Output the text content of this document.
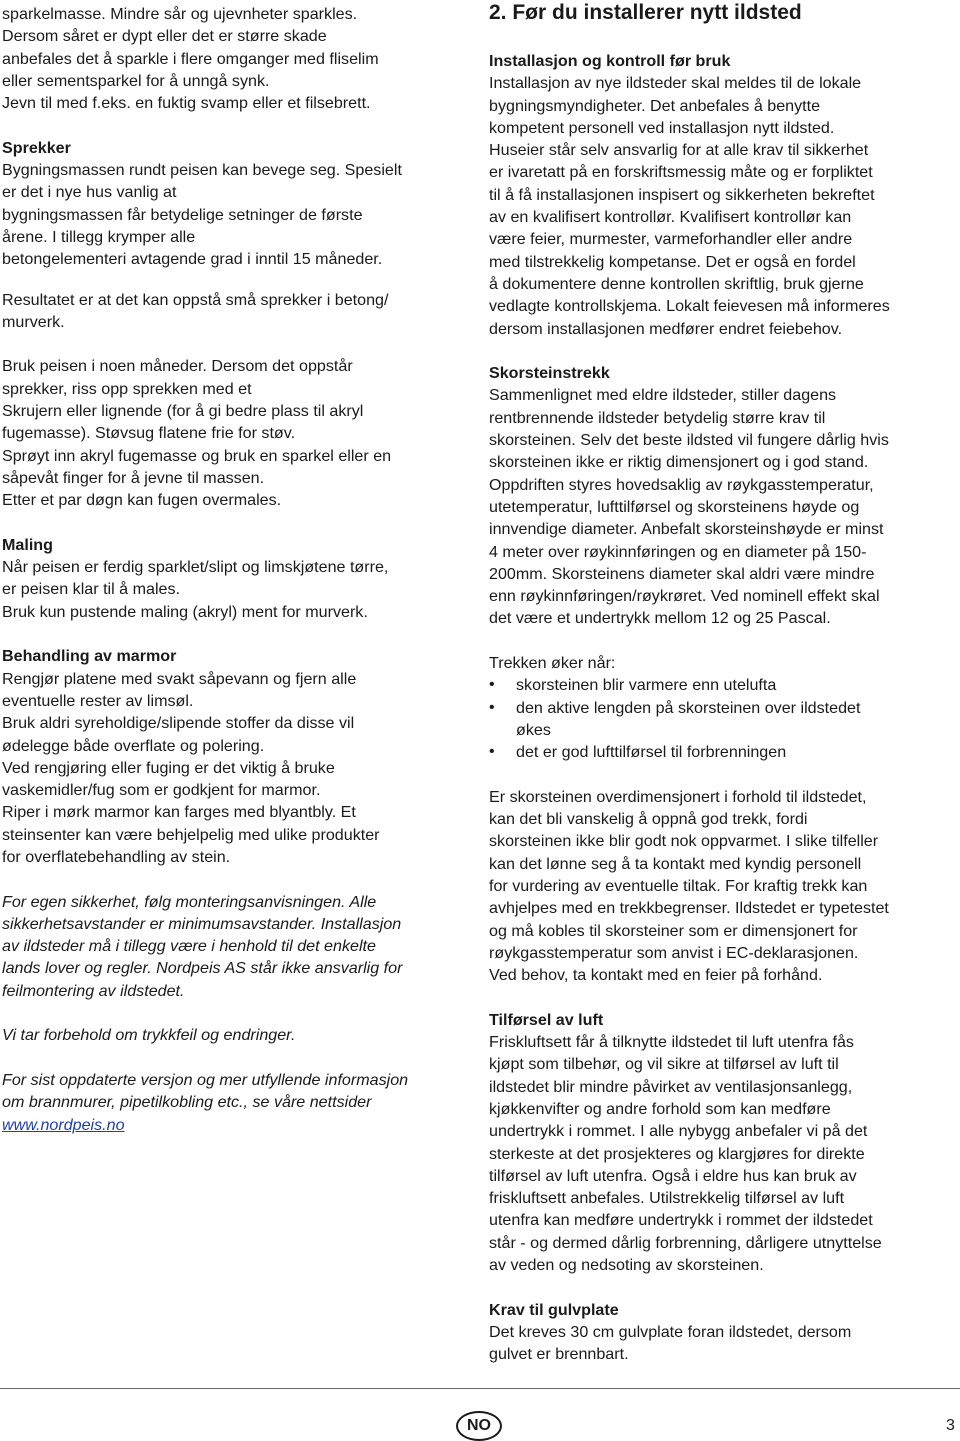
sparkelmasse. Mindre sår og ujevnheter sparkles.
Dersom såret er dypt eller det er større skade
anbefales det å sparkle i flere omganger med fliselim
eller sementsparkel for å unngå synk.
Jevn til med f.eks. en fuktig svamp eller et filsebrett.
Sprekker
Bygningsmassen rundt peisen kan bevege seg. Spesielt
er det i nye hus vanlig at
bygningsmassen får betydelige setninger de første
årene. I tillegg krymper alle
betongelementeri avtagende grad i inntil 15 måneder.
Resultatet er at det kan oppstå små sprekker i betong/
murverk.
Bruk peisen i noen måneder. Dersom det oppstår
sprekker, riss opp sprekken med et
Skrujern eller lignende (for å gi bedre plass til akryl
fugemasse). Støvsug flatene frie for støv.
Sprøyt inn akryl fugemasse og bruk en sparkel eller en
såpevåt finger for å jevne til massen.
Etter et par døgn kan fugen overmales.
Maling
Når peisen er ferdig sparklet/slipt og limskjøtene tørre,
er peisen klar til å males.
Bruk kun pustende maling (akryl) ment for murverk.
Behandling av marmor
Rengjør platene med svakt såpevann og fjern alle
eventuelle rester av limsøl.
Bruk aldri syreholdige/slipende stoffer da disse vil
ødelegge både overflate og polering.
Ved rengjøring eller fuging er det viktig å bruke
vaskemidler/fug som er godkjent for marmor.
Riper i mørk marmor kan farges med blyantbly. Et
steinsenter kan være behjelpelig med ulike produkter
for overflatebehandling av stein.
For egen sikkerhet, følg monteringsanvisningen. Alle
sikkerhetsavstander er minimumsavstander. Installasjon
av ildsteder må i tillegg være i henhold til det enkelte
lands lover og regler. Nordpeis AS står ikke ansvarlig for
feilmontering av ildstedet.
Vi tar forbehold om trykkfeil og endringer.
For sist oppdaterte versjon og mer utfyllende informasjon
om brannmurer, pipetilkobling etc., se våre nettsider
www.nordpeis.no
2. Før du installerer nytt ildsted
Installasjon og kontroll før bruk
Installasjon av nye ildsteder skal meldes til de lokale
bygningsmyndigheter. Det anbefales å benytte
kompetent personell ved installasjon nytt ildsted.
Huseier står selv ansvarlig for at alle krav til sikkerhet
er ivaretatt på en forskriftsmessig måte og er forpliktet
til å få installasjonen inspisert og sikkerheten bekreftet
av en kvalifisert kontrollør. Kvalifisert kontrollør kan
være feier, murmester, varmeforhandler eller andre
med tilstrekkelig kompetanse. Det er også en fordel
å dokumentere denne kontrollen skriftlig, bruk gjerne
vedlagte kontrollskjema. Lokalt feievesen må informeres
dersom installasjonen medfører endret feiebehov.
Skorsteinstrekk
Sammenlignet med eldre ildsteder, stiller dagens
rentbrennende ildsteder betydelig større krav til
skorsteinen. Selv det beste ildsted vil fungere dårlig hvis
skorsteinen ikke er riktig dimensjonert og i god stand.
Oppdriften styres hovedsaklig av røykgasstemperatur,
utetemperatur, lufttilførsel og skorsteinens høyde og
innvendige diameter. Anbefalt skorsteinshøyde er minst
4 meter over røykinnføringen og en diameter på 150-
200mm. Skorsteinens diameter skal aldri være mindre
enn røykinnføringen/røykrøret. Ved nominell effekt skal
det være et undertrykk mellom 12 og 25 Pascal.
Trekken øker når:
• skorsteinen blir varmere enn utelufta
• den aktive lengden på skorsteinen over ildstedet
økes
• det er god lufttilførsel til forbrenningen
Er skorsteinen overdimensjonert i forhold til ildstedet,
kan det bli vanskelig å oppnå god trekk, fordi
skorsteinen ikke blir godt nok oppvarmet. I slike tilfeller
kan det lønne seg å ta kontakt med kyndig personell
for vurdering av eventuelle tiltak. For kraftig trekk kan
avhjelpes med en trekkbegrenser. Ildstedet er typetestet
og må kobles til skorsteiner som er dimensjonert for
røykgasstemperatur som anvist i EC-deklarasjonen.
Ved behov, ta kontakt med en feier på forhånd.
Tilførsel av luft
Friskluftsett får å tilknytte ildstedet til luft utenfra fås
kjøpt som tilbehør, og vil sikre at tilførsel av luft til
ildstedet blir mindre påvirket av ventilasjonsanlegg,
kjøkkenvifter og andre forhold som kan medføre
undertrykk i rommet. I alle nybygg anbefaler vi på det
sterkeste at det prosjekteres og klargjøres for direkte
tilførsel av luft utenfra. Også i eldre hus kan bruk av
friskluftsett anbefales. Utilstrekkelig tilførsel av luft
utenfra kan medføre undertrykk i rommet der ildstedet
står - og dermed dårlig forbrenning, dårligere utnyttelse
av veden og nedsoting av skorsteinen.
Krav til gulvplate
Det kreves 30 cm gulvplate foran ildstedet, dersom
gulvet er brennbart.
NO	3
